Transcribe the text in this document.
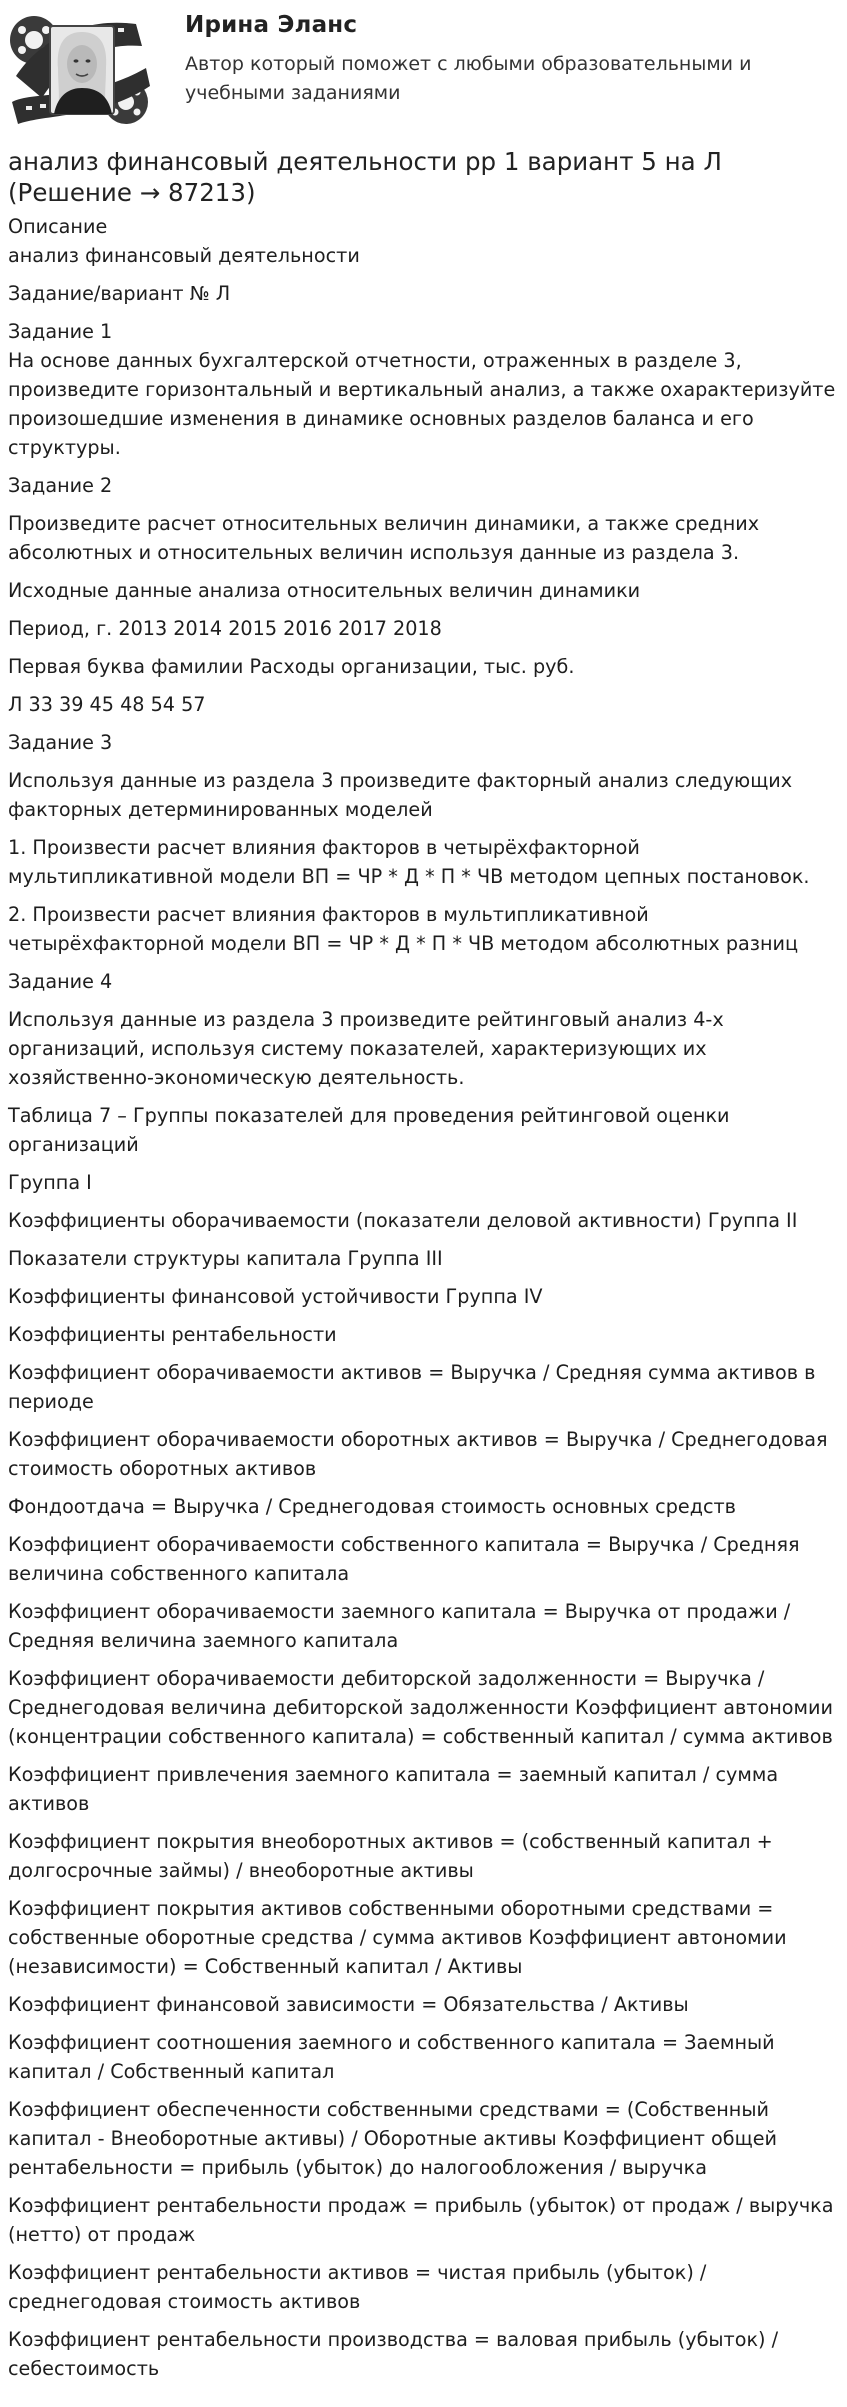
Ирина Эланс
Автор который поможет с любыми образовательными и учебными заданиями
анализ финансовый деятельности рр 1 вариант 5 на Л (Решение → 87213)

Описание

анализ финансовый деятельности

Задание/вариант № Л

Задание 1

На основе данных бухгалтерской отчетности, отраженных в разделе 3, произведите горизонтальный и вертикальный анализ, а также охарактеризуйте произошедшие изменения в динамике основных разделов баланса и его структуры.

Задание 2

Произведите расчет относительных величин динамики, а также средних абсолютных и относительных величин используя данные из раздела 3.

Исходные данные анализа относительных величин динамики

Период, г. 2013 2014 2015 2016 2017 2018

Первая буква фамилии Расходы организации, тыс. руб.

Л 33 39 45 48 54 57

Задание 3

Используя данные из раздела 3 произведите факторный анализ следующих факторных детерминированных моделей

1. Произвести расчет влияния факторов в четырёхфакторной мультипликативной модели ВП = ЧР * Д * П * ЧВ методом цепных постановок.

2. Произвести расчет влияния факторов в мультипликативной четырёхфакторной модели ВП = ЧР * Д * П * ЧВ методом абсолютных разниц

Задание 4

Используя данные из раздела 3 произведите рейтинговый анализ 4-х организаций, используя систему показателей, характеризующих их хозяйственно-экономическую деятельность.

Таблица 7 – Группы показателей для проведения рейтинговой оценки организаций

Группа I

Коэффициенты оборачиваемости (показатели деловой активности) Группа II

Показатели структуры капитала Группа III

Коэффициенты финансовой устойчивости Группа IV

Коэффициенты рентабельности

Коэффициент оборачиваемости активов = Выручка / Средняя сумма активов в периоде

Коэффициент оборачиваемости оборотных активов = Выручка / Среднегодовая стоимость оборотных активов

Фондоотдача = Выручка / Среднегодовая стоимость основных средств

Коэффициент оборачиваемости собственного капитала = Выручка / Средняя величина собственного капитала

Коэффициент оборачиваемости заемного капитала = Выручка от продажи / Средняя величина заемного капитала

Коэффициент оборачиваемости дебиторской задолженности = Выручка / Среднегодовая величина дебиторской задолженности Коэффициент автономии (концентрации собственного капитала) = собственный капитал / сумма активов

Коэффициент привлечения заемного капитала = заемный капитал / сумма активов

Коэффициент покрытия внеоборотных активов = (собственный капитал + долгосрочные займы) / внеоборотные активы

Коэффициент покрытия активов собственными оборотными средствами = собственные оборотные средства / сумма активов Коэффициент автономии (независимости) = Собственный капитал / Активы

Коэффициент финансовой зависимости = Обязательства / Активы

Коэффициент соотношения заемного и собственного капитала = Заемный капитал / Собственный капитал

Коэффициент обеспеченности собственными средствами = (Собственный капитал - Внеоборотные активы) / Оборотные активы Коэффициент общей рентабельности = прибыль (убыток) до налогообложения / выручка

Коэффициент рентабельности продаж = прибыль (убыток) от продаж / выручка (нетто) от продаж

Коэффициент рентабельности активов = чистая прибыль (убыток) / среднегодовая стоимость активов

Коэффициент рентабельности производства = валовая прибыль (убыток) / себестоимость
